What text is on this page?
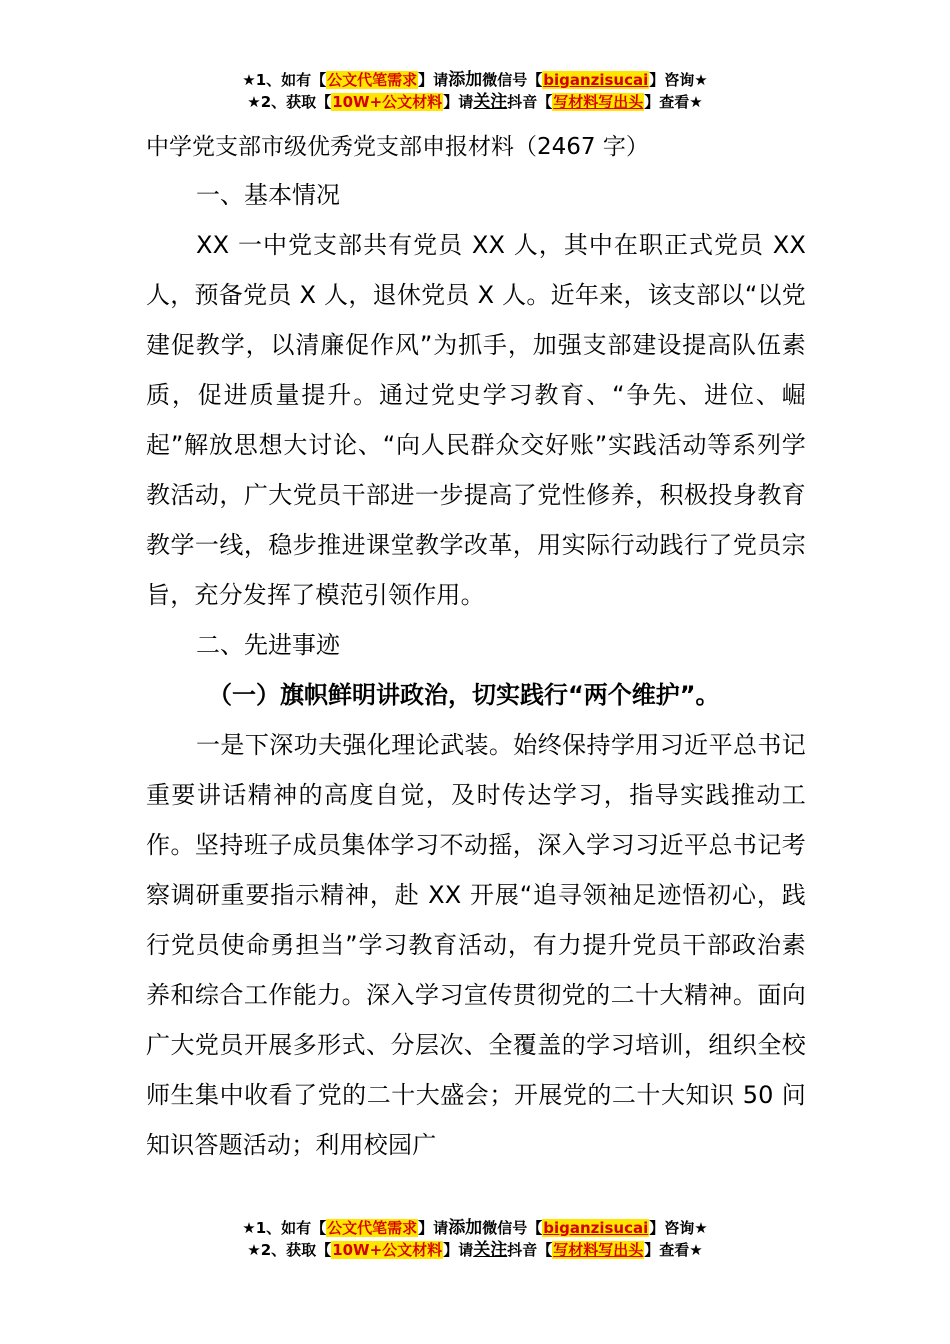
★1、如有【公文代笔需求】请添加微信号【biganzisucai】咨询★
★2、获取【10W+公文材料】请关注抖音【写材料写出头】查看★
中学党支部市级优秀党支部申报材料（2467 字）
一、基本情况
XX 一中党支部共有党员 XX 人，其中在职正式党员 XX 人，预备党员 X 人，退休党员 X 人。近年来，该支部以“以党建促教学，以清廉促作风”为抓手，加强支部建设提高队伍素质，促进质量提升。通过党史学习教育、“争先、进位、崛起”解放思想大讨论、“向人民群众交好账”实践活动等系列学教活动，广大党员干部进一步提高了党性修养，积极投身教育教学一线，稳步推进课堂教学改革，用实际行动践行了党员宗旨，充分发挥了模范引领作用。
二、先进事迹
（一）旗帜鲜明讲政治，切实践行“两个维护”。
一是下深功夫强化理论武装。始终保持学用习近平总书记重要讲话精神的高度自觉，及时传达学习，指导实践推动工作。坚持班子成员集体学习不动摇，深入学习习近平总书记考察调研重要指示精神，赴 XX 开展“追寻领袖足迹悟初心，践行党员使命勇担当”学习教育活动，有力提升党员干部政治素养和综合工作能力。深入学习宣传贯彻党的二十大精神。面向广大党员开展多形式、分层次、全覆盖的学习培训，组织全校师生集中收看了党的二十大盛会；开展党的二十大知识 50 问知识答题活动；利用校园广
★1、如有【公文代笔需求】请添加微信号【biganzisucai】咨询★
★2、获取【10W+公文材料】请关注抖音【写材料写出头】查看★
